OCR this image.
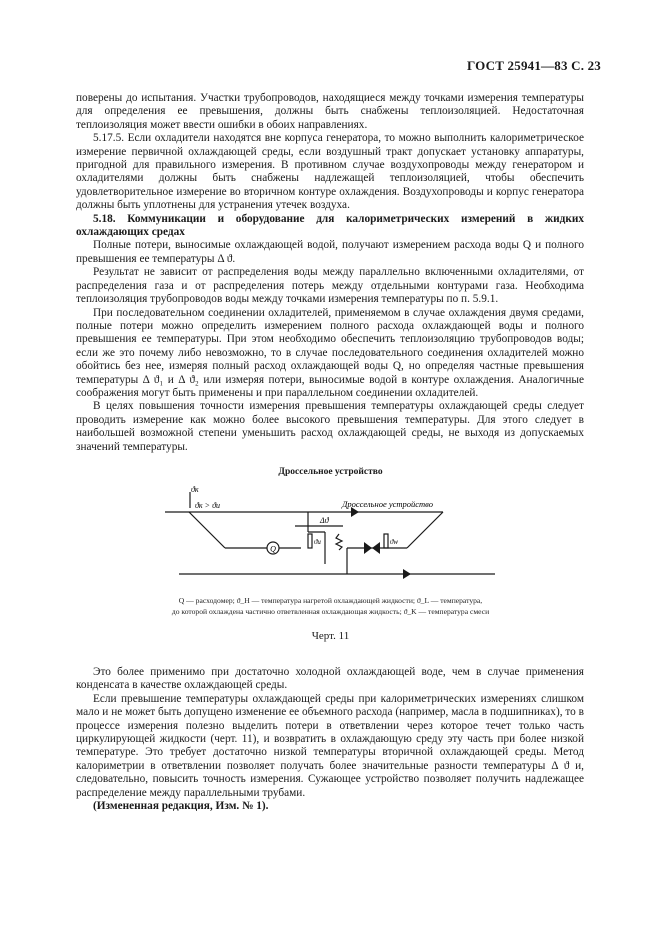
ГОСТ 25941—83 С. 23

поверены до испытания. Участки трубопроводов, находящиеся между точками измерения температуры для определения ее превышения, должны быть снабжены теплоизоляцией. Недостаточная теплоизоляция может ввести ошибки в обоих направлениях.

5.17.5. Если охладители находятся вне корпуса генератора, то можно выполнить калориметрическое измерение первичной охлаждающей среды, если воздушный тракт допускает установку аппаратуры, пригодной для правильного измерения. В противном случае воздухопроводы между генератором и охладителями должны быть снабжены надлежащей теплоизоляцией, чтобы обеспечить удовлетворительное измерение во вторичном контуре охлаждения. Воздухопроводы и корпус генератора должны быть уплотнены для устранения утечек воздуха.

5.18. Коммуникации и оборудование для калориметрических измерений в жидких охлаждающих средах

Полные потери, выносимые охлаждающей водой, получают измерением расхода воды Q и полного превышения ее температуры Δ ϑ.

Результат не зависит от распределения воды между параллельно включенными охладителями, от распределения газа и от распределения потерь между отдельными контурами газа. Необходима теплоизоляция трубопроводов воды между точками измерения температуры по п. 5.9.1.

При последовательном соединении охладителей, применяемом в случае охлаждения двумя средами, полные потери можно определить измерением полного расхода охлаждающей воды и полного превышения ее температуры. При этом необходимо обеспечить теплоизоляцию трубопроводов воды; если же это почему либо невозможно, то в случае последовательного соединения охладителей можно обойтись без нее, измеряя полный расход охлаждающей воды Q, но определяя частные превышения температуры Δ ϑ₁ и Δ ϑ₂ или измеряя потери, выносимые водой в контуре охлаждения. Аналогичные соображения могут быть применены и при параллельном соединении охладителей.

В целях повышения точности измерения превышения температуры охлаждающей среды следует проводить измерение как можно более высокого превышения температуры. Для этого следует в наибольшей возможной степени уменьшить расход охлаждающей среды, не выходя из допускаемых значений температуры.

Дроссельное устройство
Q
ϑк
ϑк > ϑu	Дроссельное устройство
Δϑ
ϑu	ϑw

Q — расходомер; ϑ_H — температура нагретой охлаждающей жидкости; ϑ_L — температура,

до которой охлаждена частично ответвленная охлаждающая жидкость; ϑ_K — температура смеси

Черт. 11

Это более применимо при достаточно холодной охлаждающей воде, чем в случае применения конденсата в качестве охлаждающей среды.

Если превышение температуры охлаждающей среды при калориметрических измерениях слишком мало и не может быть допущено изменение ее объемного расхода (например, масла в подшипниках), то в процессе измерения полезно выделить потери в ответвлении через которое течет только часть циркулирующей жидкости (черт. 11), и возвратить в охлаждающую среду эту часть при более низкой температуре. Это требует достаточно низкой температуры вторичной охлаждающей среды. Метод калориметрии в ответвлении позволяет получать более значительные разности температуры Δ ϑ и, следовательно, повысить точность измерения. Сужающее устройство позволяет получить надлежащее распределение между параллельными трубами.

(Измененная редакция, Изм. № 1).
